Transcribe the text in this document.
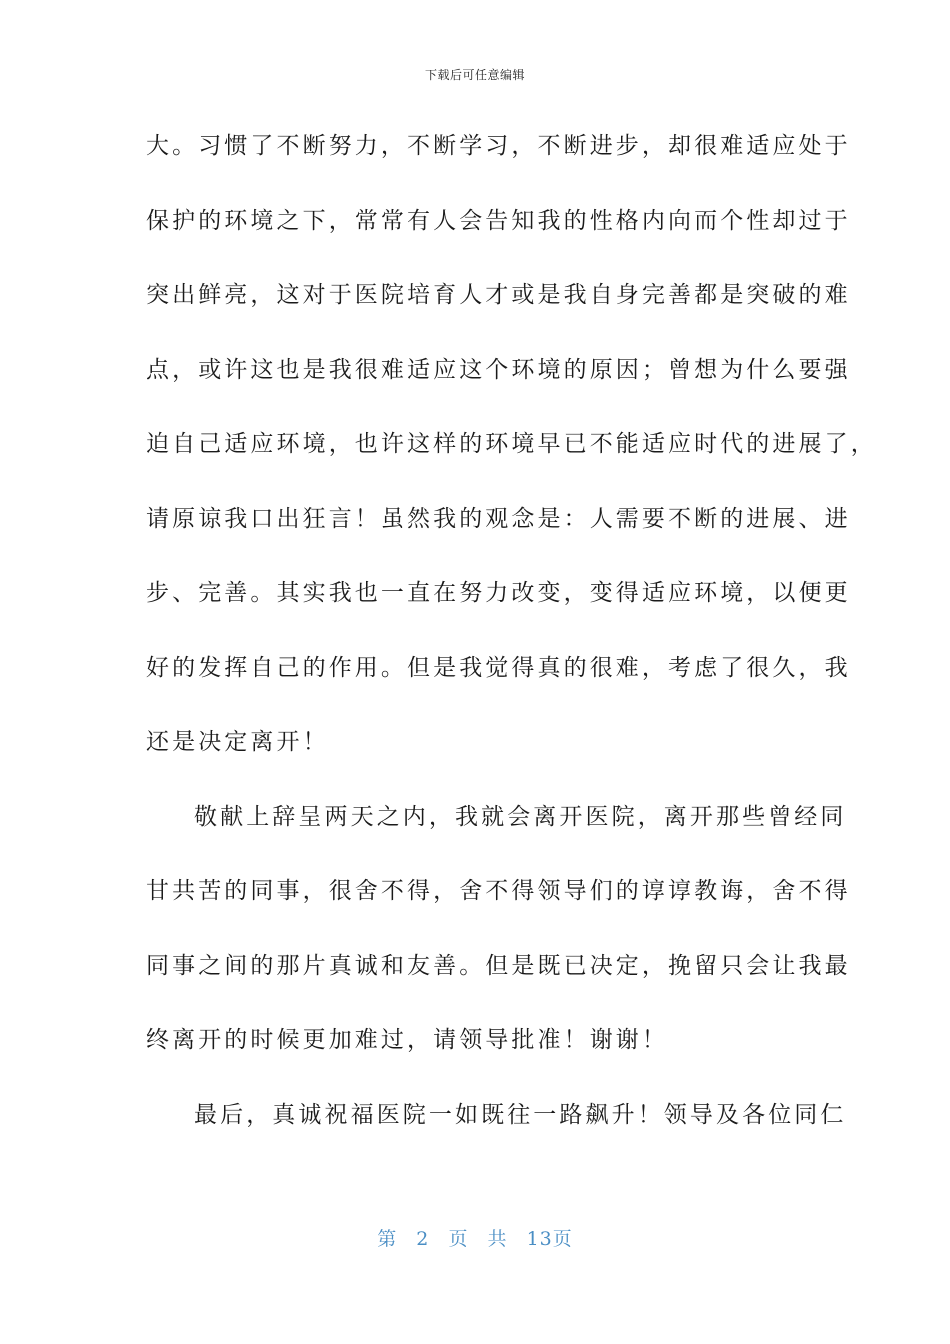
下载后可任意编辑
大。习惯了不断努力，不断学习，不断进步，却很难适应处于
保护的环境之下，常常有人会告知我的性格内向而个性却过于
突出鲜亮，这对于医院培育人才或是我自身完善都是突破的难
点，或许这也是我很难适应这个环境的原因；曾想为什么要强
迫自己适应环境，也许这样的环境早已不能适应时代的进展了，
请原谅我口出狂言！虽然我的观念是：人需要不断的进展、进
步、完善。其实我也一直在努力改变，变得适应环境，以便更
好的发挥自己的作用。但是我觉得真的很难，考虑了很久，我
还是决定离开！
敬献上辞呈两天之内，我就会离开医院，离开那些曾经同
甘共苦的同事，很舍不得，舍不得领导们的谆谆教诲，舍不得
同事之间的那片真诚和友善。但是既已决定，挽留只会让我最
终离开的时候更加难过，请领导批准！谢谢！
最后，真诚祝福医院一如既往一路飙升！领导及各位同仁
第 2 页 共 13页
